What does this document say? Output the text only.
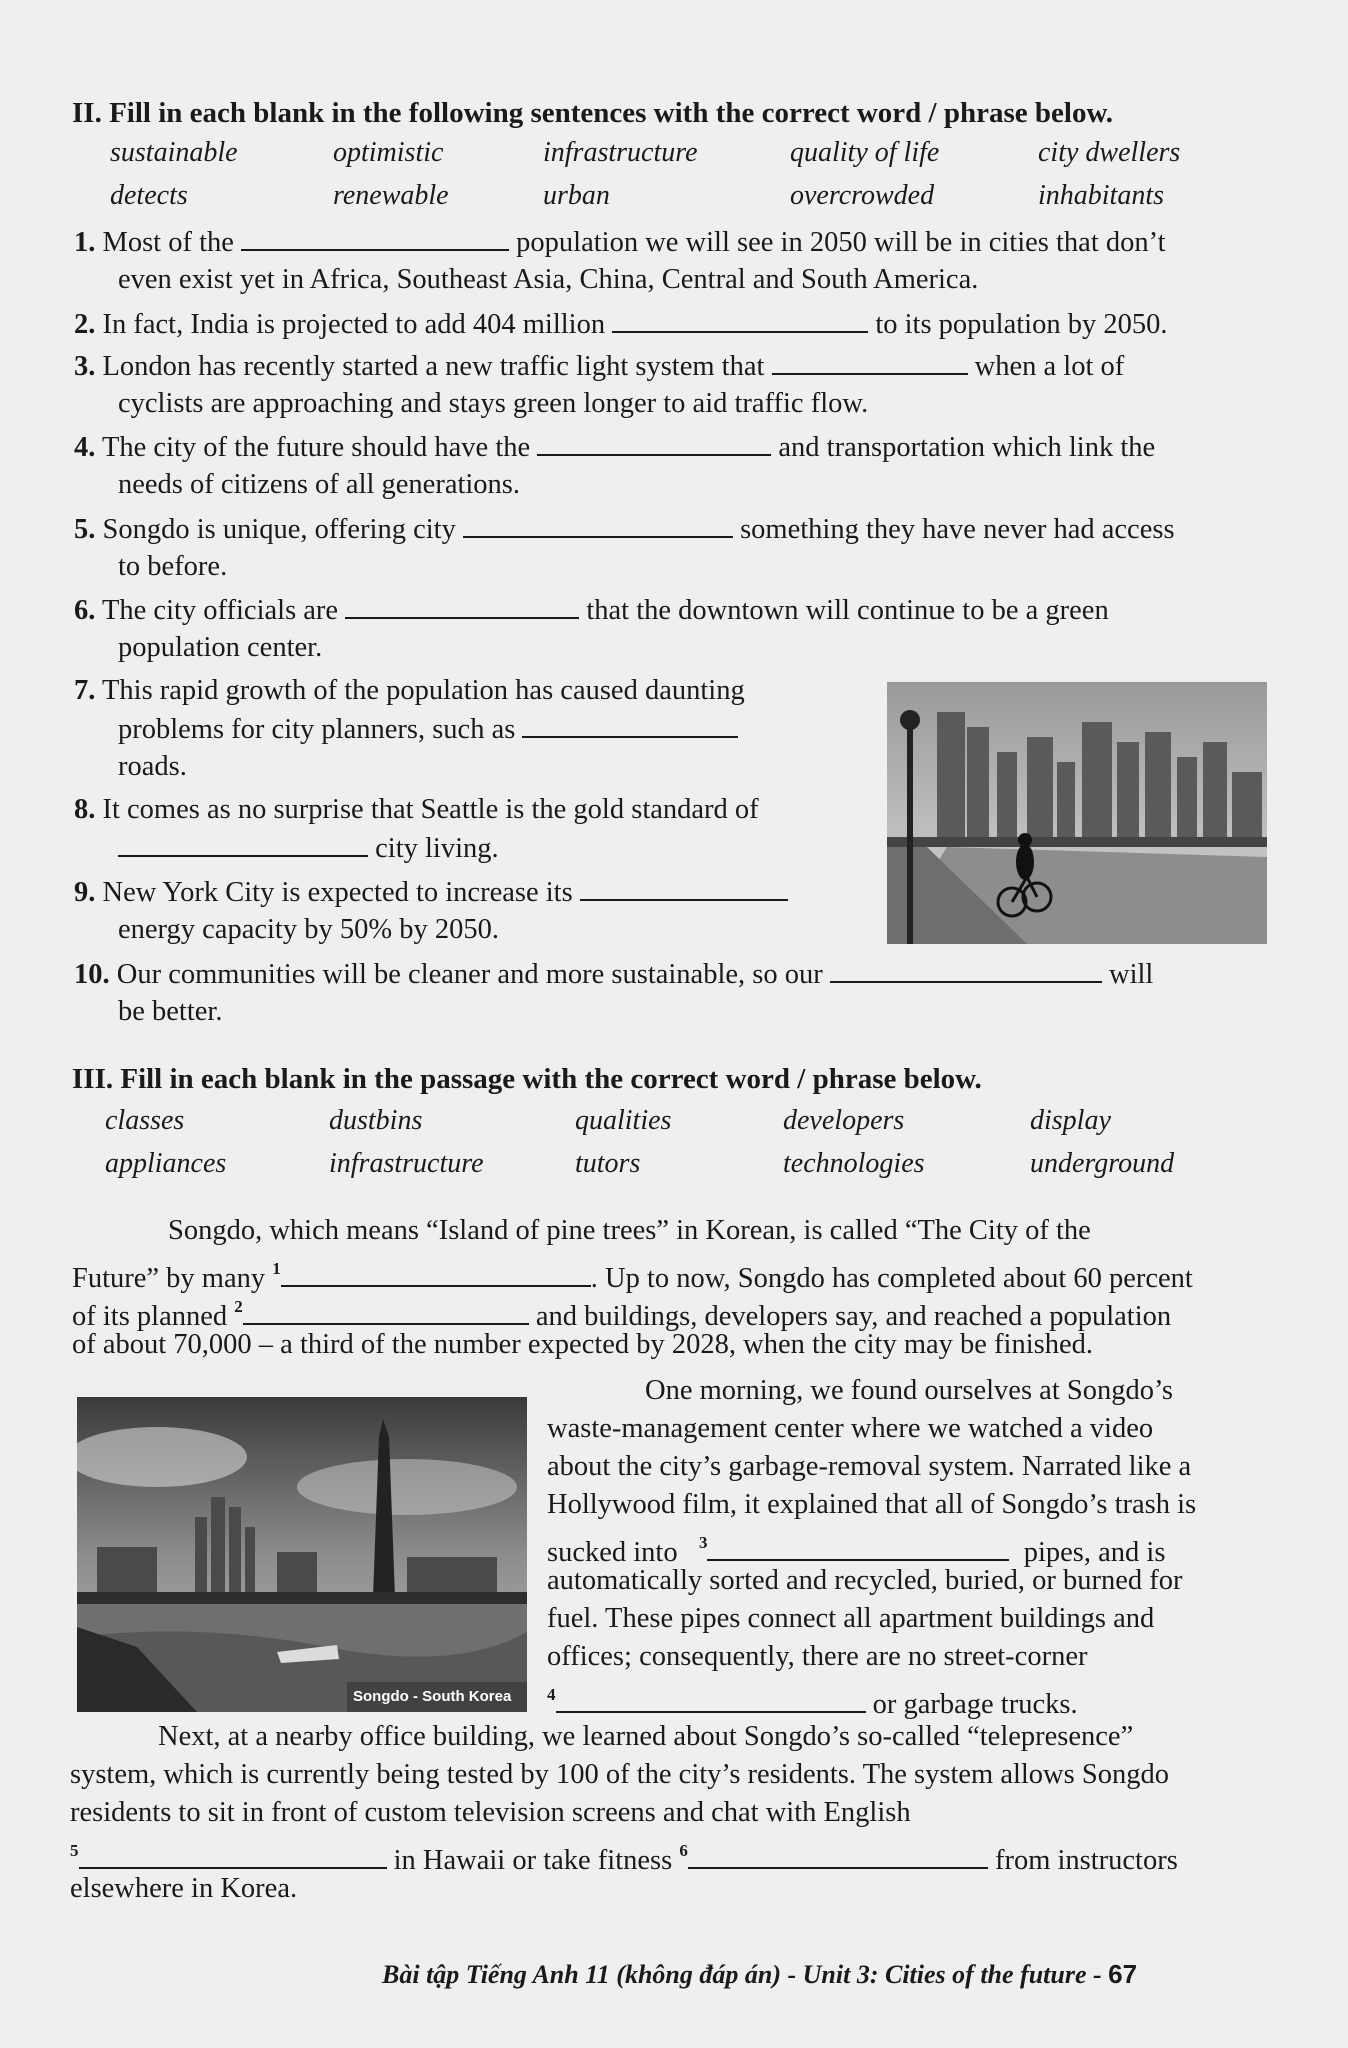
II. Fill in each blank in the following sentences with the correct word / phrase below.
sustainable	optimistic	infrastructure	quality of life	city dwellers
detects	renewable	urban	overcrowded	inhabitants
1. Most of the	population we will see in 2050 will be in cities that don’t
even exist yet in Africa, Southeast Asia, China, Central and South America.
2. In fact, India is projected to add 404 million	to its population by 2050.
3. London has recently started a new traffic light system that	when a lot of
cyclists are approaching and stays green longer to aid traffic flow.
4. The city of the future should have the	and transportation which link the
needs of citizens of all generations.
5. Songdo is unique, offering city	something they have never had access
to before.
6. The city officials are	that the downtown will continue to be a green
population center.
7. This rapid growth of the population has caused daunting
problems for city planners, such as
roads.
8. It comes as no surprise that Seattle is the gold standard of
city living.
9. New York City is expected to increase its
energy capacity by 50% by 2050.
10. Our communities will be cleaner and more sustainable, so our	will
be better.
III. Fill in each blank in the passage with the correct word / phrase below.
classes	dustbins	qualities	developers	display
appliances	infrastructure	tutors	technologies	underground
Songdo, which means “Island of pine trees” in Korean, is called “The City of the
Future” by many $^1$	. Up to now, Songdo has completed about 60 percent
of its planned $^2$	and buildings, developers say, and reached a population
of about 70,000 – a third of the number expected by 2028, when the city may be finished.
Songdo - South Korea
One morning, we found ourselves at Songdo’s
waste-management center where we watched a video
about the city’s garbage-removal system. Narrated like a
Hollywood film, it explained that all of Songdo’s trash is
sucked into $^3$	pipes, and is
automatically sorted and recycled, buried, or burned for
fuel. These pipes connect all apartment buildings and
offices; consequently, there are no street-corner
$^4$	or garbage trucks.
Next, at a nearby office building, we learned about Songdo’s so-called “telepresence”
system, which is currently being tested by 100 of the city’s residents. The system allows Songdo
residents to sit in front of custom television screens and chat with English
$^5$	in Hawaii or take fitness $^6$	from instructors
elsewhere in Korea.
Bài tập Tiếng Anh 11 (không đáp án) - Unit 3: Cities of the future - 67
